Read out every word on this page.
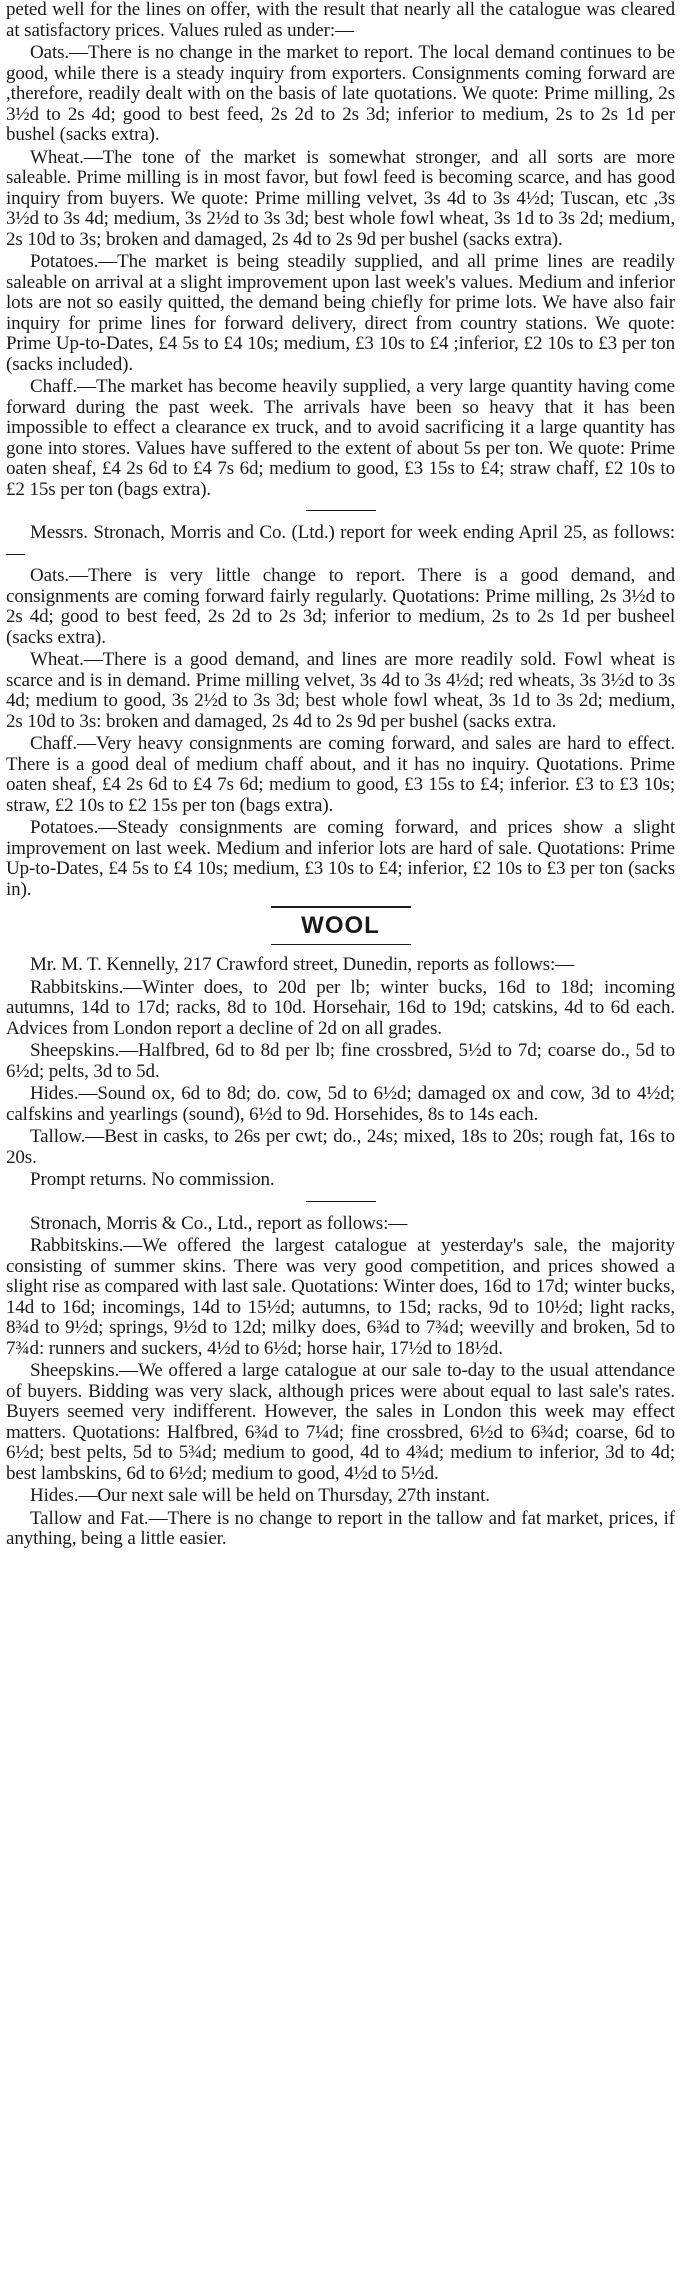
peted well for the lines on offer, with the result that nearly all the catalogue was cleared at satisfactory prices. Values ruled as under:—

Oats.—There is no change in the market to report. The local demand continues to be good, while there is a steady inquiry from exporters. Consignments coming forward are ,therefore, readily dealt with on the basis of late quotations. We quote: Prime milling, 2s 3½d to 2s 4d; good to best feed, 2s 2d to 2s 3d; inferior to medium, 2s to 2s 1d per bushel (sacks extra).

Wheat.—The tone of the market is somewhat stronger, and all sorts are more saleable. Prime milling is in most favor, but fowl feed is becoming scarce, and has good inquiry from buyers. We quote: Prime milling velvet, 3s 4d to 3s 4½d; Tuscan, etc ,3s 3½d to 3s 4d; medium, 3s 2½d to 3s 3d; best whole fowl wheat, 3s 1d to 3s 2d; medium, 2s 10d to 3s; broken and damaged, 2s 4d to 2s 9d per bushel (sacks extra).

Potatoes.—The market is being steadily supplied, and all prime lines are readily saleable on arrival at a slight improvement upon last week's values. Medium and inferior lots are not so easily quitted, the demand being chiefly for prime lots. We have also fair inquiry for prime lines for forward delivery, direct from country stations. We quote: Prime Up-to-Dates, £4 5s to £4 10s; medium, £3 10s to £4 ;inferior, £2 10s to £3 per ton (sacks included).

Chaff.—The market has become heavily supplied, a very large quantity having come forward during the past week. The arrivals have been so heavy that it has been impossible to effect a clearance ex truck, and to avoid sacrificing it a large quantity has gone into stores. Values have suffered to the extent of about 5s per ton. We quote: Prime oaten sheaf, £4 2s 6d to £4 7s 6d; medium to good, £3 15s to £4; straw chaff, £2 10s to £2 15s per ton (bags extra).

Messrs. Stronach, Morris and Co. (Ltd.) report for week ending April 25, as follows:—

Oats.—There is very little change to report. There is a good demand, and consignments are coming forward fairly regularly. Quotations: Prime milling, 2s 3½d to 2s 4d; good to best feed, 2s 2d to 2s 3d; inferior to medium, 2s to 2s 1d per busheel (sacks extra).

Wheat.—There is a good demand, and lines are more readily sold. Fowl wheat is scarce and is in demand. Prime milling velvet, 3s 4d to 3s 4½d; red wheats, 3s 3½d to 3s 4d; medium to good, 3s 2½d to 3s 3d; best whole fowl wheat, 3s 1d to 3s 2d; medium, 2s 10d to 3s: broken and damaged, 2s 4d to 2s 9d per bushel (sacks extra.

Chaff.—Very heavy consignments are coming forward, and sales are hard to effect. There is a good deal of medium chaff about, and it has no inquiry. Quotations. Prime oaten sheaf, £4 2s 6d to £4 7s 6d; medium to good, £3 15s to £4; inferior. £3 to £3 10s; straw, £2 10s to £2 15s per ton (bags extra).

Potatoes.—Steady consignments are coming forward, and prices show a slight improvement on last week. Medium and inferior lots are hard of sale. Quotations: Prime Up-to-Dates, £4 5s to £4 10s; medium, £3 10s to £4; inferior, £2 10s to £3 per ton (sacks in).

WOOL

Mr. M. T. Kennelly, 217 Crawford street, Dunedin, reports as follows:—

Rabbitskins.—Winter does, to 20d per lb; winter bucks, 16d to 18d; incoming autumns, 14d to 17d; racks, 8d to 10d. Horsehair, 16d to 19d; catskins, 4d to 6d each. Advices from London report a decline of 2d on all grades.

Sheepskins.—Halfbred, 6d to 8d per lb; fine crossbred, 5½d to 7d; coarse do., 5d to 6½d; pelts, 3d to 5d.

Hides.—Sound ox, 6d to 8d; do. cow, 5d to 6½d; damaged ox and cow, 3d to 4½d; calfskins and yearlings (sound), 6½d to 9d. Horsehides, 8s to 14s each.

Tallow.—Best in casks, to 26s per cwt; do., 24s; mixed, 18s to 20s; rough fat, 16s to 20s.

Prompt returns. No commission.

Stronach, Morris & Co., Ltd., report as follows:—

Rabbitskins.—We offered the largest catalogue at yesterday's sale, the majority consisting of summer skins. There was very good competition, and prices showed a slight rise as compared with last sale. Quotations: Winter does, 16d to 17d; winter bucks, 14d to 16d; incomings, 14d to 15½d; autumns, to 15d; racks, 9d to 10½d; light racks, 8¾d to 9½d; springs, 9½d to 12d; milky does, 6¾d to 7¾d; weevilly and broken, 5d to 7¾d: runners and suckers, 4½d to 6½d; horse hair, 17½d to 18½d.

Sheepskins.—We offered a large catalogue at our sale to-day to the usual attendance of buyers. Bidding was very slack, although prices were about equal to last sale's rates. Buyers seemed very indifferent. However, the sales in London this week may effect matters. Quotations: Halfbred, 6¾d to 7¼d; fine crossbred, 6½d to 6¾d; coarse, 6d to 6½d; best pelts, 5d to 5¾d; medium to good, 4d to 4¾d; medium to inferior, 3d to 4d; best lambskins, 6d to 6½d; medium to good, 4½d to 5½d.

Hides.—Our next sale will be held on Thursday, 27th instant.

Tallow and Fat.—There is no change to report in the tallow and fat market, prices, if anything, being a little easier.
